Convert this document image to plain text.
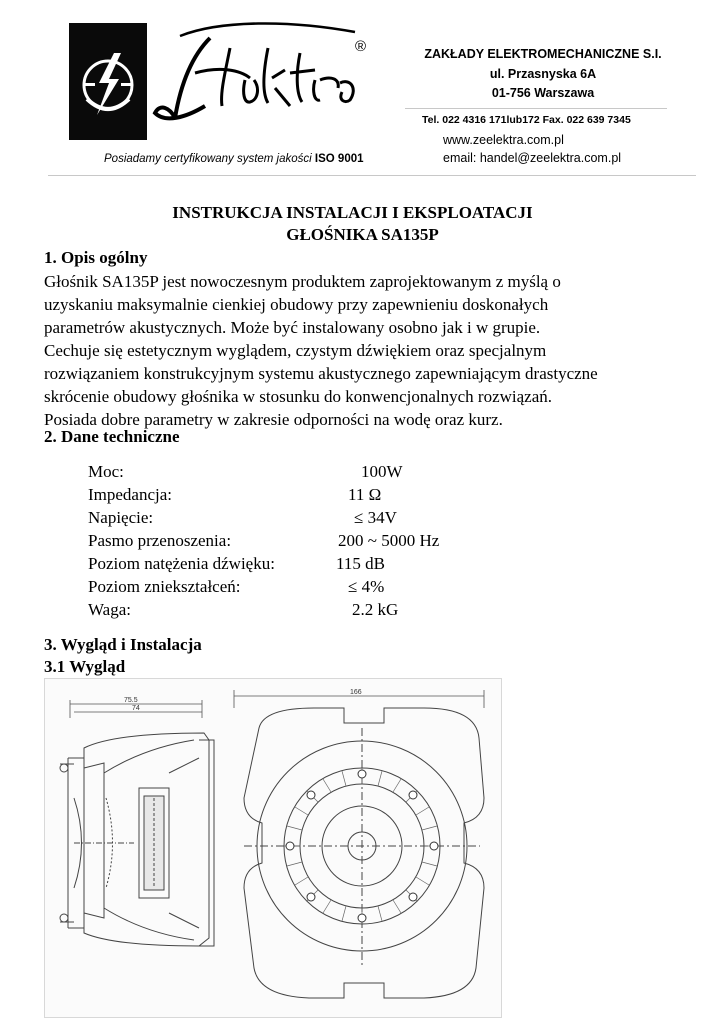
®	ZAKŁADY ELEKTROMECHANICZNE S.I.
ul. Przasnyska 6A
01-756 Warszawa
Tel. 022 4316 171lub172 Fax. 022 639 7345
www.zeelektra.com.pl
Posiadamy certyfikowany system jakości ISO 9001	email: handel@zeelektra.com.pl
INSTRUKCJA INSTALACJI I EKSPLOATACJI
GŁOŚNIKA SA135P
1. Opis ogólny
Głośnik SA135P jest nowoczesnym produktem zaprojektowanym z myślą o
uzyskaniu maksymalnie cienkiej obudowy przy zapewnieniu doskonałych
parametrów akustycznych. Może być instalowany osobno jak i w grupie.
Cechuje się estetycznym wyglądem, czystym dźwiękiem oraz specjalnym
rozwiązaniem konstrukcyjnym systemu akustycznego zapewniającym drastyczne
skrócenie obudowy głośnika w stosunku do konwencjonalnych rozwiązań.
Posiada dobre parametry w zakresie odporności na wodę oraz kurz.
2. Dane techniczne
Moc:	100W
Impedancja:	11 Ω
Napięcie:	≤ 34V
Pasmo przenoszenia:	200 ~ 5000 Hz
Poziom natężenia dźwięku:	115 dB
Poziom zniekształceń:	≤ 4%
Waga:	2.2 kG
3. Wygląd i Instalacja
3.1 Wygląd
75.5
74
166
